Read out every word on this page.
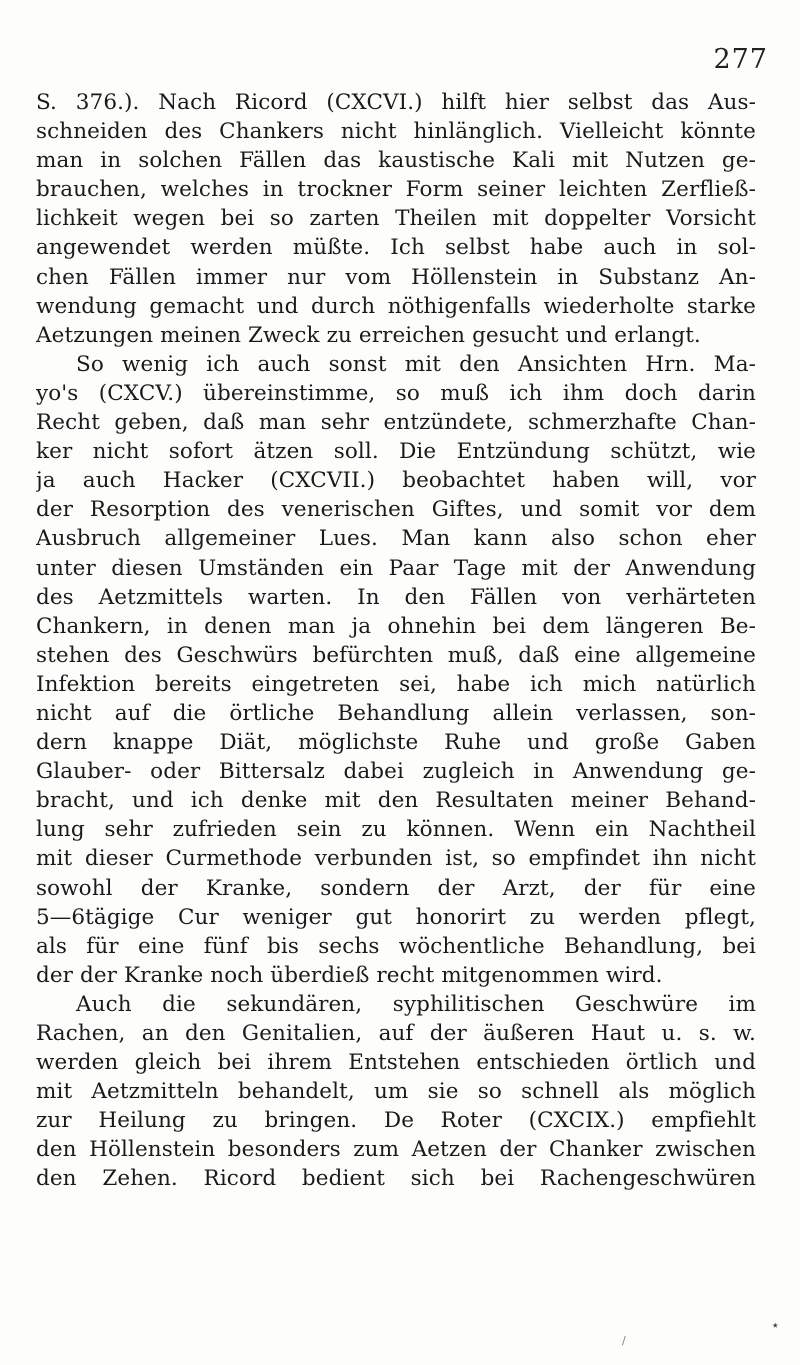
277
S. 376.). Nach Ricord (CXCVI.) hilft hier selbst das Aus-
schneiden des Chankers nicht hinlänglich. Vielleicht könnte
man in solchen Fällen das kaustische Kali mit Nutzen ge-
brauchen, welches in trockner Form seiner leichten Zerfließ-
lichkeit wegen bei so zarten Theilen mit doppelter Vorsicht
angewendet werden müßte. Ich selbst habe auch in sol-
chen Fällen immer nur vom Höllenstein in Substanz An-
wendung gemacht und durch nöthigenfalls wiederholte starke
Aetzungen meinen Zweck zu erreichen gesucht und erlangt.
So wenig ich auch sonst mit den Ansichten Hrn. Ma-
yo's (CXCV.) übereinstimme, so muß ich ihm doch darin
Recht geben, daß man sehr entzündete, schmerzhafte Chan-
ker nicht sofort ätzen soll. Die Entzündung schützt, wie
ja auch Hacker (CXCVII.) beobachtet haben will, vor
der Resorption des venerischen Giftes, und somit vor dem
Ausbruch allgemeiner Lues. Man kann also schon eher
unter diesen Umständen ein Paar Tage mit der Anwendung
des Aetzmittels warten. In den Fällen von verhärteten
Chankern, in denen man ja ohnehin bei dem längeren Be-
stehen des Geschwürs befürchten muß, daß eine allgemeine
Infektion bereits eingetreten sei, habe ich mich natürlich
nicht auf die örtliche Behandlung allein verlassen, son-
dern knappe Diät, möglichste Ruhe und große Gaben
Glauber- oder Bittersalz dabei zugleich in Anwendung ge-
bracht, und ich denke mit den Resultaten meiner Behand-
lung sehr zufrieden sein zu können. Wenn ein Nachtheil
mit dieser Curmethode verbunden ist, so empfindet ihn nicht
sowohl der Kranke, sondern der Arzt, der für eine
5—6tägige Cur weniger gut honorirt zu werden pflegt,
als für eine fünf bis sechs wöchentliche Behandlung, bei
der der Kranke noch überdieß recht mitgenommen wird.
Auch die sekundären, syphilitischen Geschwüre im
Rachen, an den Genitalien, auf der äußeren Haut u. s. w.
werden gleich bei ihrem Entstehen entschieden örtlich und
mit Aetzmitteln behandelt, um sie so schnell als möglich
zur Heilung zu bringen. De Roter (CXCIX.) empfiehlt
den Höllenstein besonders zum Aetzen der Chanker zwischen
den Zehen. Ricord bedient sich bei Rachengeschwüren
٭
/
